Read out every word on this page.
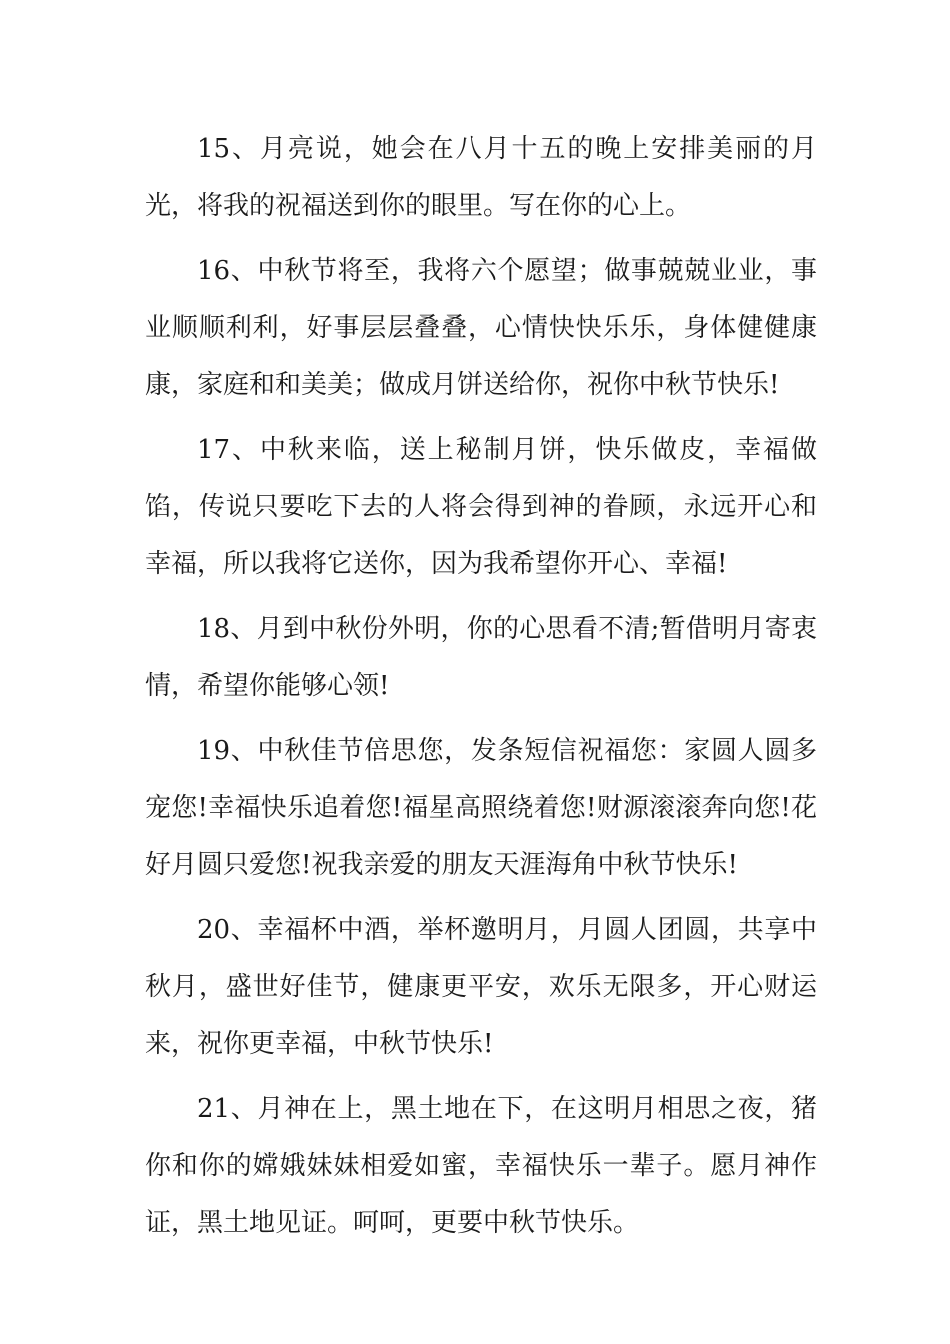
15、月亮说，她会在八月十五的晚上安排美丽的月光，将我的祝福送到你的眼里。写在你的心上。

16、中秋节将至，我将六个愿望；做事兢兢业业，事业顺顺利利，好事层层叠叠，心情快快乐乐，身体健健康康，家庭和和美美；做成月饼送给你，祝你中秋节快乐!

17、中秋来临，送上秘制月饼，快乐做皮，幸福做馅，传说只要吃下去的人将会得到神的眷顾，永远开心和幸福，所以我将它送你，因为我希望你开心、幸福!

18、月到中秋份外明，你的心思看不清;暂借明月寄衷情，希望你能够心领!

19、中秋佳节倍思您，发条短信祝福您：家圆人圆多宠您!幸福快乐追着您!福星高照绕着您!财源滚滚奔向您!花好月圆只爱您!祝我亲爱的朋友天涯海角中秋节快乐!

20、幸福杯中酒，举杯邀明月，月圆人团圆，共享中秋月，盛世好佳节，健康更平安，欢乐无限多，开心财运来，祝你更幸福，中秋节快乐!

21、月神在上，黑土地在下，在这明月相思之夜，猪你和你的嫦娥妹妹相爱如蜜，幸福快乐一辈子。愿月神作证，黑土地见证。呵呵，更要中秋节快乐。
